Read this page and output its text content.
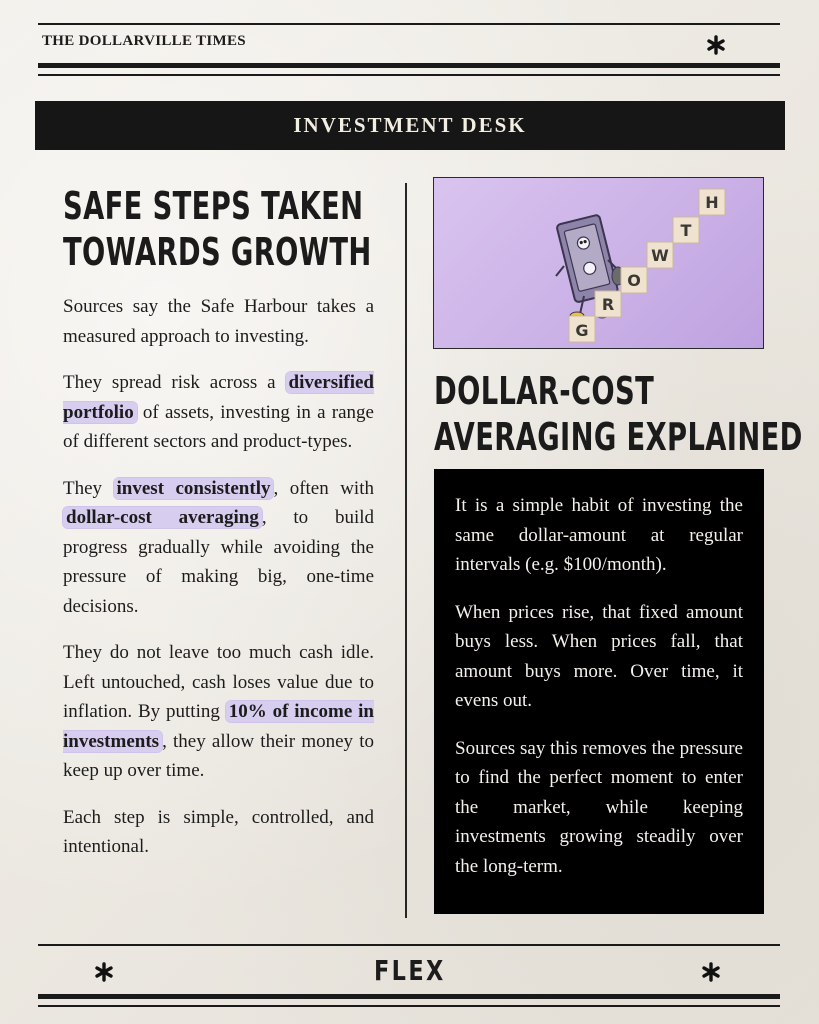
THE DOLLARVILLE TIMES
INVESTMENT DESK
SAFE STEPS TAKEN
TOWARDS GROWTH

Sources say the Safe Harbour takes a measured approach to investing.

They spread risk across a diversified portfolio of assets, investing in a range of different sectors and product-types.

They invest consistently , often with dollar-cost averaging , to build progress gradually while avoiding the pressure of making big, one-time decisions.

They do not leave too much cash idle. Left untouched, cash loses value due to inflation. By putting 10% of income in investments , they allow their money to keep up over time.

Each step is simple, controlled, and intentional.

G
R
O
W
T
H
DOLLAR-COST
AVERAGING EXPLAINED

It is a simple habit of investing the same dollar-amount at regular intervals (e.g. $100/month).

When prices rise, that fixed amount buys less. When prices fall, that amount buys more. Over time, it evens out.

Sources say this removes the pressure to find the perfect moment to enter the market, while keeping investments growing steadily over the long-term.

FLEX
